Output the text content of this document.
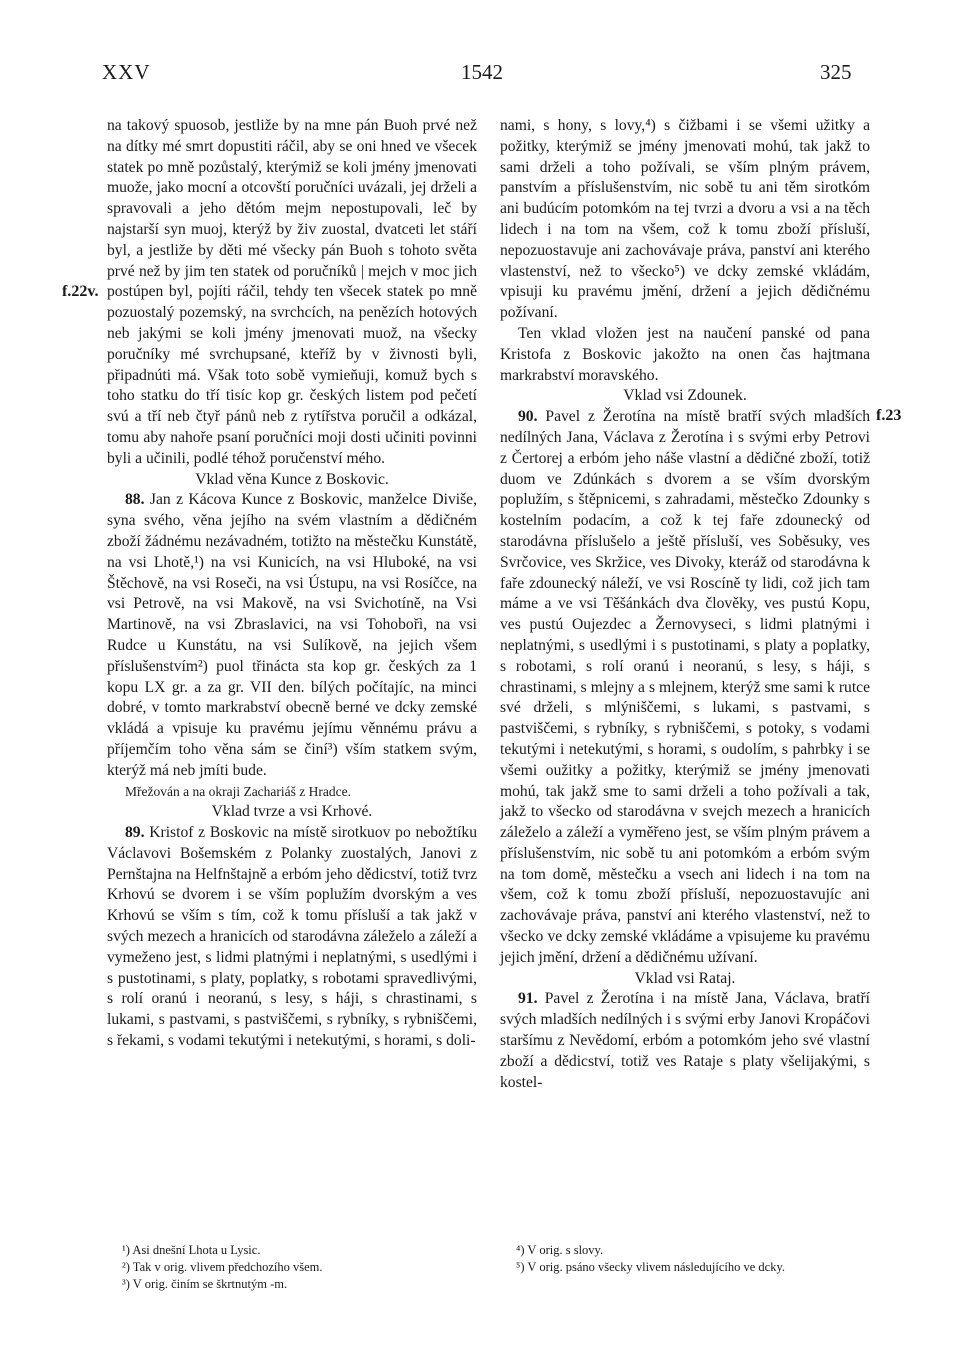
XXV	1542	325
f.22v.
f.23

na takový spuosob, jestliže by na mne pán Buoh prvé než na dítky mé smrt dopustiti ráčil, aby se oni hned ve všecek statek po mně pozůstalý, kterýmiž se koli jmény jmenovati muože, jako mocní a otcovští poručníci uvázali, jej drželi a spravovali a jeho dětóm mejm nepostupovali, leč by najstarší syn muoj, kterýž by živ zuostal, dvatceti let stáří byl, a jestliže by děti mé všecky pán Buoh s tohoto světa prvé než by jim ten statek od poručníků | mejch v moc jich postúpen byl, pojíti ráčil, tehdy ten všecek statek po mně pozuostalý pozemský, na svrchcích, na penězích hotových neb jakými se koli jmény jmenovati muož, na všecky poručníky mé svrchupsané, kteříž by v živnosti byli, připadnúti má. Však toto sobě vymieňuji, komuž bych s toho statku do tří tisíc kop gr. českých listem pod pečetí svú a tří neb čtyř pánů neb z rytířstva poručil a odkázal, tomu aby nahoře psaní poručníci moji dosti učiniti povinni byli a učinili, podlé téhož poručenství mého.

Vklad věna Kunce z Boskovic.

88. Jan z Kácova Kunce z Boskovic, manželce Diviše, syna svého, věna jejího na svém vlastním a dědičném zboží žádnému nezávadném, totižto na městečku Kunstátě, na vsi Lhotě,¹) na vsi Kunicích, na vsi Hluboké, na vsi Štěchově, na vsi Roseči, na vsi Ústupu, na vsi Rosíčce, na vsi Petrově, na vsi Makově, na vsi Svichotíně, na Vsi Martinově, na vsi Zbraslavici, na vsi Tohobořì, na vsi Rudce u Kunstátu, na vsi Sulíkově, na jejich všem příslušenstvím²) puol třinácta sta kop gr. českých za 1 kopu LX gr. a za gr. VII den. bílých počítajíc, na minci dobré, v tomto markrabství obecně berné ve dcky zemské vkládá a vpisuje ku pravému jejímu věnnému právu a příjemčím toho věna sám se činí³) vším statkem svým, kterýž má neb jmíti bude.

Mřežován a na okraji Zachariáš z Hradce.

Vklad tvrze a vsi Krhové.

89. Kristof z Boskovic na místě sirotkuov po nebožtíku Václavovi Bošemském z Polanky zuostalých, Janovi z Pernštajna na Helfnštajně a erbóm jeho dědicství, totiž tvrz Krhovú se dvorem i se vším poplužím dvorským a ves Krhovú se vším s tím, což k tomu přísluší a tak jakž v svých mezech a hranicích od starodávna záleželo a záleží a vymeženo jest, s lidmi platnými i neplatnými, s usedlými i s pustotinami, s platy, poplatky, s robotami spravedlivými, s rolí oranú i neoranú, s lesy, s háji, s chrastinami, s lukami, s pastvami, s pastviščemi, s rybníky, s rybniščemi, s řekami, s vodami tekutými i netekutými, s horami, s doli-

nami, s hony, s lovy,⁴) s čižbami i se všemi užitky a požitky, kterýmiž se jmény jmenovati mohú, tak jakž to sami drželi a toho požívali, se vším plným právem, panstvím a příslušenstvím, nic sobě tu ani těm sirotkóm ani budúcím potomkóm na tej tvrzi a dvoru a vsi a na těch lidech i na tom na všem, což k tomu zboží přísluší, nepozuostavuje ani zachovávaje práva, panství ani kterého vlastenství, než to všecko⁵) ve dcky zemské vkládám, vpisuji ku pravému jmění, držení a jejich dědičnému požívaní.

Ten vklad vložen jest na naučení panské od pana Kristofa z Boskovic jakožto na onen čas hajtmana markrabství moravského.

Vklad vsi Zdounek.

90. Pavel z Žerotína na místě bratří svých mladších nedílných Jana, Václava z Žerotína i s svými erby Petrovi z Čertorej a erbóm jeho náše vlastní a dědičné zboží, totiž duom ve Zdúnkách s dvorem a se vším dvorským poplužím, s štěpnicemi, s zahradami, městečko Zdounky s kostelním podacím, a což k tej faře zdounecký od starodávna příslušelo a ještě přísluší, ves Soběsuky, ves Svrčovice, ves Skržice, ves Divoky, kteráž od starodávna k faře zdounecký náleží, ve vsi Roscíně ty lidi, což jich tam máme a ve vsi Těšánkách dva člověky, ves pustú Kopu, ves pustú Oujezdec a Žernovyseci, s lidmi platnými i neplatnými, s usedlými i s pustotinami, s platy a poplatky, s robotami, s rolí oranú i neoranú, s lesy, s háji, s chrastinami, s mlejny a s mlejnem, kterýž sme sami k rutce své drželi, s mlýniščemi, s lukami, s pastvami, s pastviščemi, s rybníky, s rybniščemi, s potoky, s vodami tekutými i netekutými, s horami, s oudolím, s pahrbky i se všemi oužitky a požitky, kterýmiž se jmény jmenovati mohú, tak jakž sme to sami drželi a toho požívali a tak, jakž to všecko od starodávna v svejch mezech a hranicích záleželo a záleží a vyměřeno jest, se vším plným právem a příslušenstvím, nic sobě tu ani potomkóm a erbóm svým na tom domě, městečku a vsech ani lidech i na tom na všem, což k tomu zboží přísluší, nepozuostavujíc ani zachovávaje práva, panství ani kterého vlastenství, než to všecko ve dcky zemské vkládáme a vpisujeme ku pravému jejich jmění, držení a dědičnému užívaní.

Vklad vsi Rataj.

91. Pavel z Žerotína i na místě Jana, Václava, bratří svých mladších nedílných i s svými erby Janovi Kropáčovi staršímu z Nevědomí, erbóm a potomkóm jeho své vlastní zboží a dědicství, totiž ves Rataje s platy všelijakými, s kostel-

¹) Asi dnešní Lhota u Lysic.

²) Tak v orig. vlivem předchozího všem.

³) V orig. činím se škrtnutým -m.

⁴) V orig. s slovy.

⁵) V orig. psáno všecky vlivem následujícího ve dcky.
